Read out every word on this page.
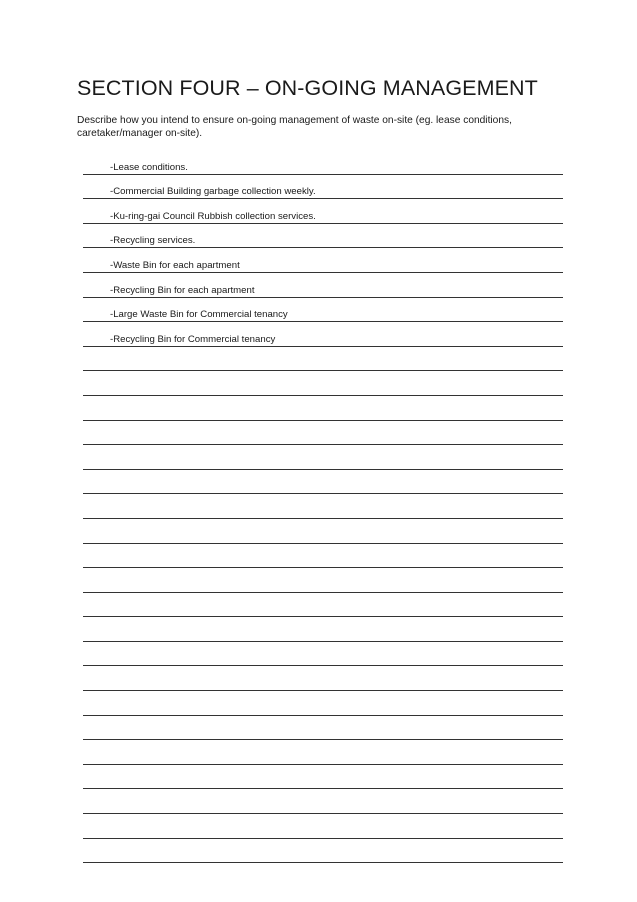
SECTION FOUR – ON-GOING MANAGEMENT

Describe how you intend to ensure on-going management of waste on-site (eg. lease conditions, caretaker/manager on-site).

-Lease conditions.
-Commercial Building garbage collection weekly.
-Ku-ring-gai Council Rubbish collection services.
-Recycling services.
-Waste Bin for each apartment
-Recycling Bin for each apartment
-Large Waste Bin for Commercial tenancy
-Recycling Bin for Commercial tenancy
